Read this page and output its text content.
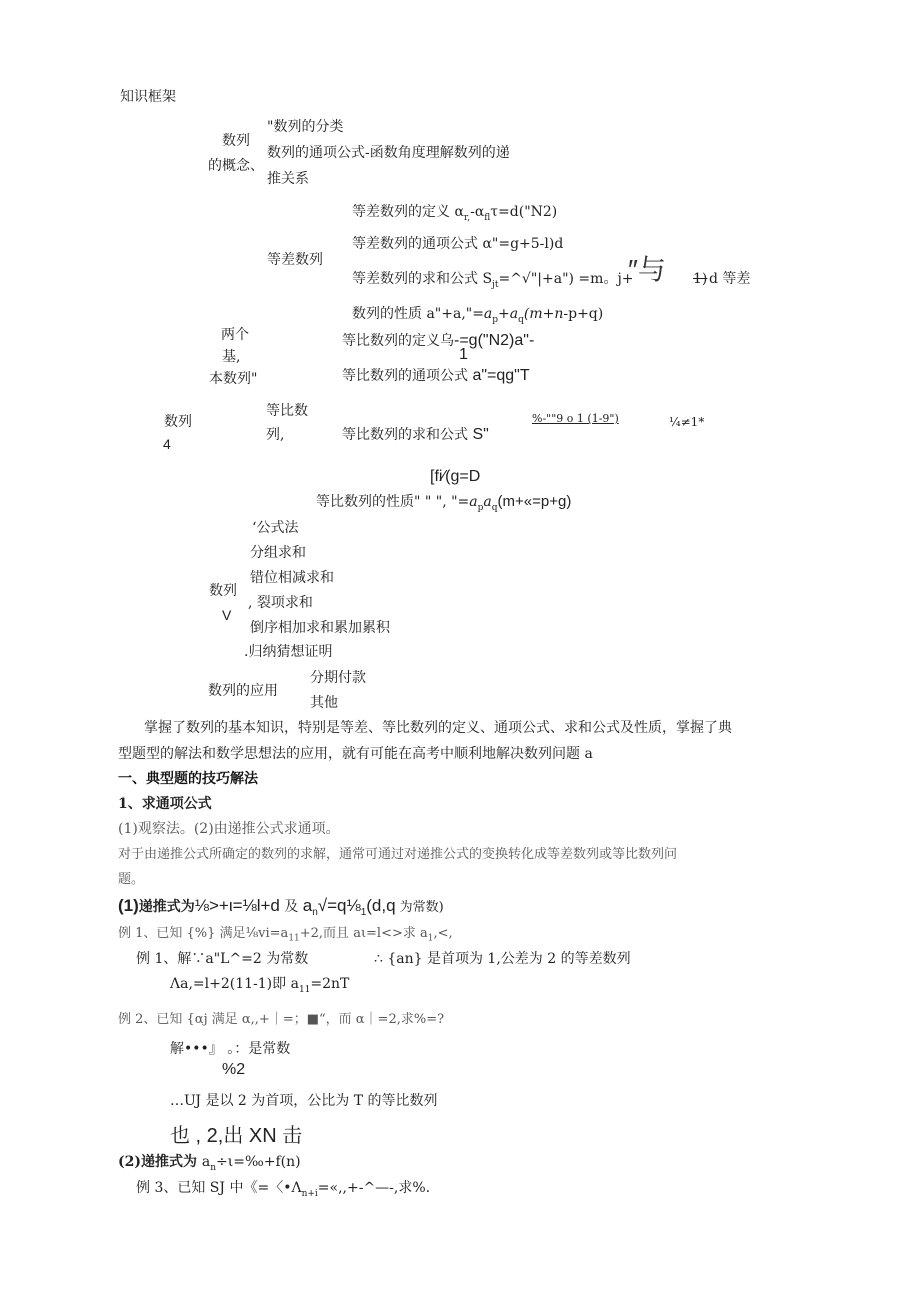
知识框架
数列
的概念、
"数列的分类
数列的通项公式-函数角度理解数列的递
推关系
等差数列
等差数列的定义 $\alpha_{r,}-\alpha_{fl}\tau=d("N2)$
等差数列的通项公式 α"=g+5-l)d
等差数列的求和公式 $S_{jt}=\^{}√"|+a") =m$。j+
″与 1) d 等差
数列的性质 $a"+a,"=a_p+a_q(m+n-p+q)$
两个
基,
本数列"
等比数列的定义乌-=g("N2)a"-
1
等比数列的通项公式 a"=qg"T
等比数
列,
数列
4
等比数列的求和公式 S"
%-""9 ο 1 (1-9")	¼≠1*
[fi⁄(g=D
等比数列的性质" " ", "$=a_pa_q(m+«=p+g)$
‘公式法
分组求和
错位相减求和
数列
V
, 裂项求和
倒序相加求和累加累积
.归纳猜想证明
分期付款
数列的应用
其他
掌握了数列的基本知识，特别是等差、等比数列的定义、通项公式、求和公式及性质，掌握了典
型题型的解法和数学思想法的应用，就有可能在高考中顺利地解决数列问题 a
一、典型题的技巧解法
1、求通项公式
(1)观察法。(2)由递推公式求通项。
对于由递推公式所确定的数列的求解，通常可通过对递推公式的变换转化成等差数列或等比数列问
题。
(1)递推式为⅛>+ι=⅛l+d 及 $a_n√=q\frac{1}{8}_1(d,q$ 为常数)
例 1、已知 {%} 满足$\frac{1}{8}vi=a_{11}+2$,而且 aι=l<>求 $a_1,<$,
例 1、解∵a"L^=2 为常数	∴ {an} 是首项为 1,公差为 2 的等差数列
Λa,=l+2(11-1)即 $a_{11}=2nT$
例 2、已知 {αj 满足 α,,+｜=；■“，而 α｜=2,求%=?
解•••』 。：是常数
%2
…UJ 是以 2 为首项，公比为 T 的等比数列
也 , 2,出 XN 击
(2)递推式为 $a_n\div\iota=‰+f(n)$
例 3、已知 SJ 中《=〈$•\Lambda_{n+i}=«,,+-\^{}—-$,求%.
